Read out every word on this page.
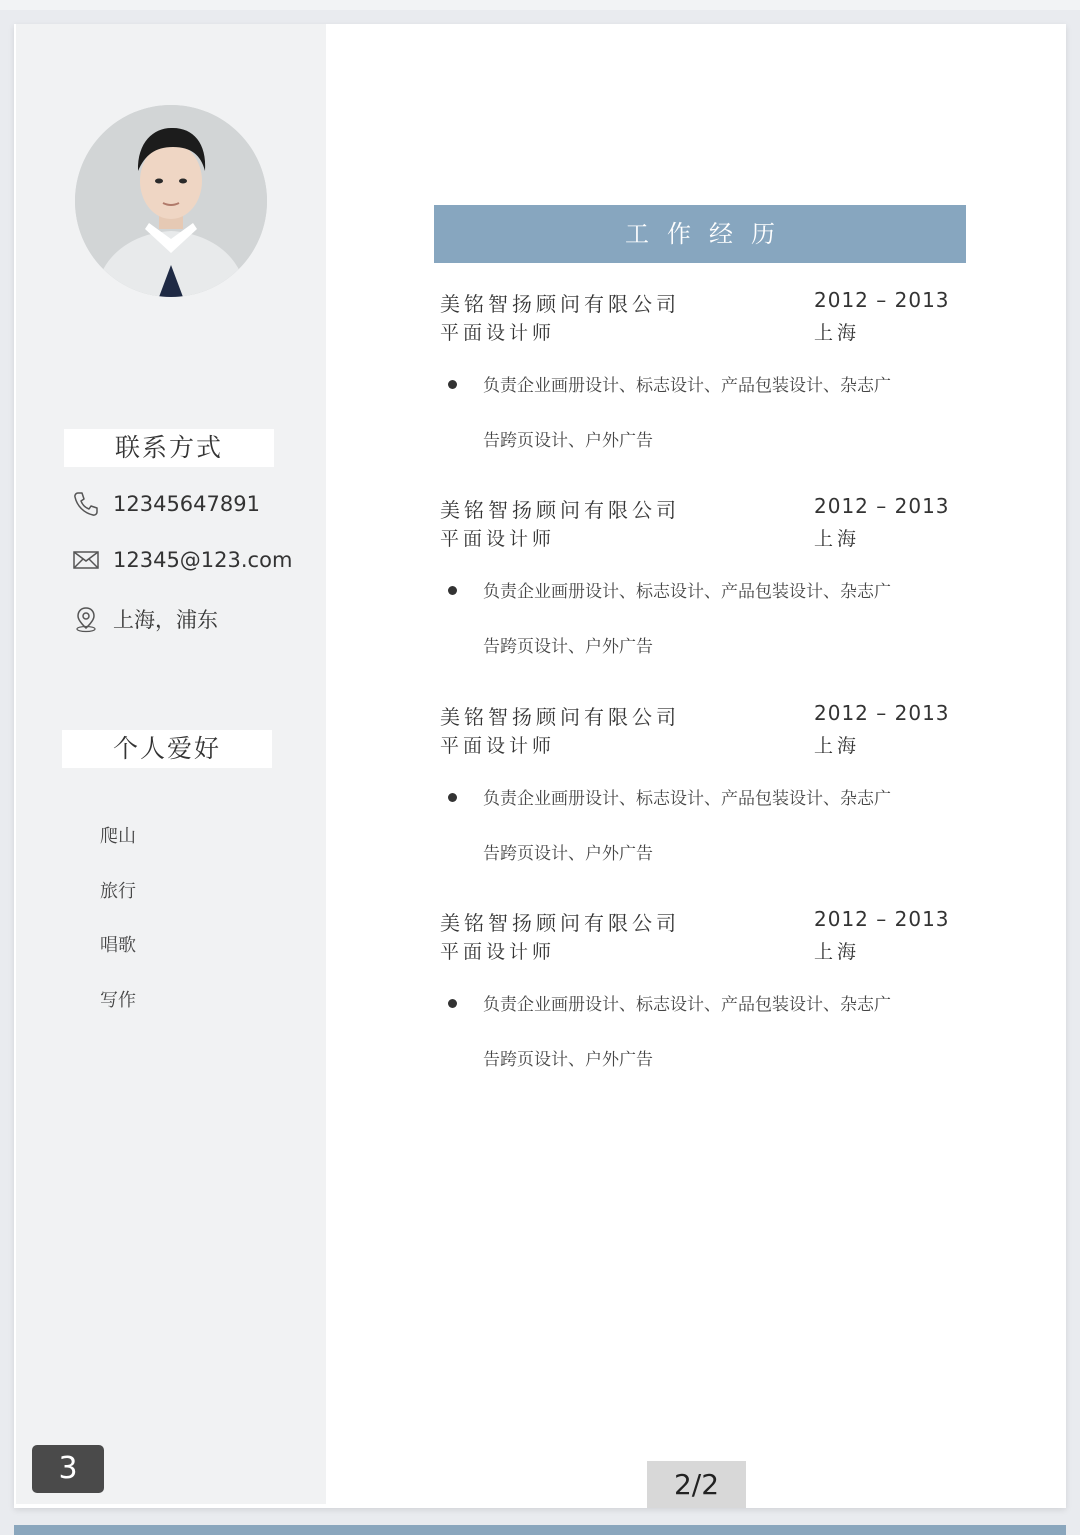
联系方式
12345647891
12345@123.com
上海，浦东
个人爱好
爬山
旅行
唱歌
写作
3
工作经历
美铭智扬顾问有限公司
平面设计师
2012 – 2013
上海
负责企业画册设计、标志设计、产品包装设计、杂志广
告跨页设计、户外广告
美铭智扬顾问有限公司
平面设计师
2012 – 2013
上海
负责企业画册设计、标志设计、产品包装设计、杂志广
告跨页设计、户外广告
美铭智扬顾问有限公司
平面设计师
2012 – 2013
上海
负责企业画册设计、标志设计、产品包装设计、杂志广
告跨页设计、户外广告
美铭智扬顾问有限公司
平面设计师
2012 – 2013
上海
负责企业画册设计、标志设计、产品包装设计、杂志广
告跨页设计、户外广告
2/2
